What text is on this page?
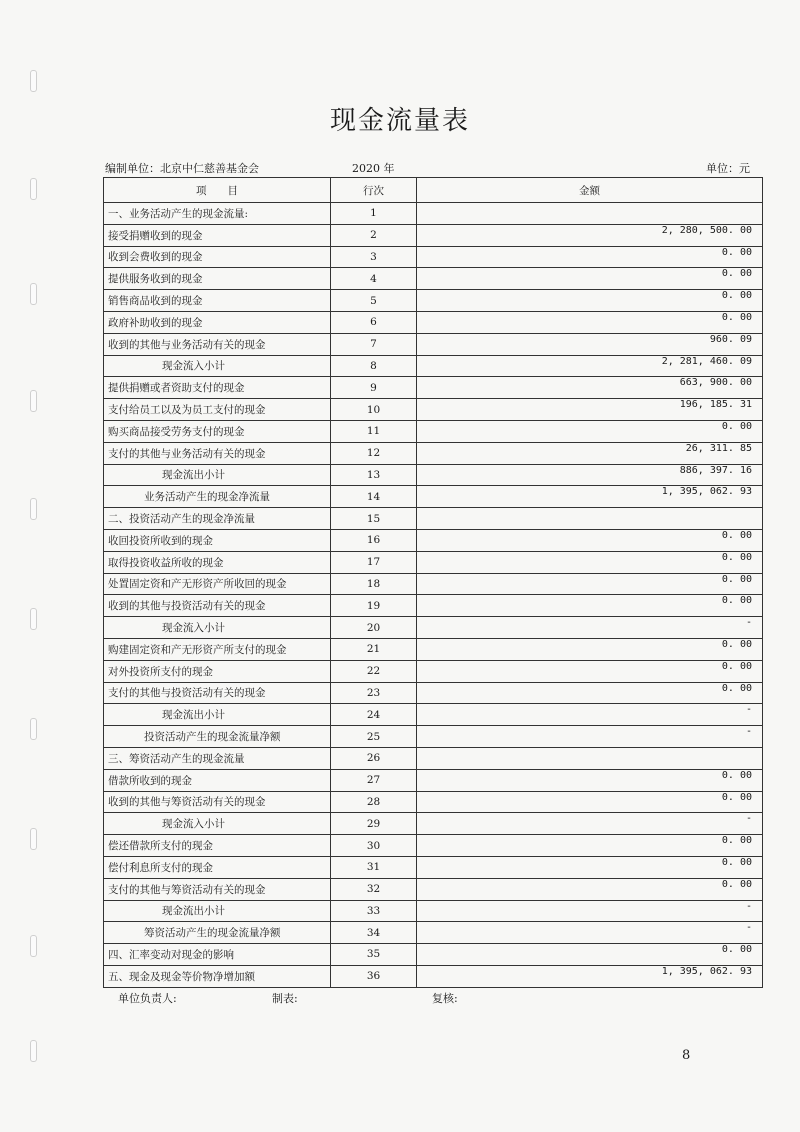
现金流量表
编制单位：北京中仁慈善基金会	2020 年	单位：元
项　　目	行次	金额
一、业务活动产生的现金流量:	1	
接受捐赠收到的现金	2	2, 280, 500. 00
收到会费收到的现金	3	0. 00
提供服务收到的现金	4	0. 00
销售商品收到的现金	5	0. 00
政府补助收到的现金	6	0. 00
收到的其他与业务活动有关的现金	7	960. 09
现金流入小计	8	2, 281, 460. 09
提供捐赠或者资助支付的现金	9	663, 900. 00
支付给员工以及为员工支付的现金	10	196, 185. 31
购买商品接受劳务支付的现金	11	0. 00
支付的其他与业务活动有关的现金	12	26, 311. 85
现金流出小计	13	886, 397. 16
业务活动产生的现金净流量	14	1, 395, 062. 93
二、投资活动产生的现金净流量	15	
收回投资所收到的现金	16	0. 00
取得投资收益所收的现金	17	0. 00
处置固定资和产无形资产所收回的现金	18	0. 00
收到的其他与投资活动有关的现金	19	0. 00
现金流入小计	20	-
购建固定资和产无形资产所支付的现金	21	0. 00
对外投资所支付的现金	22	0. 00
支付的其他与投资活动有关的现金	23	0. 00
现金流出小计	24	-
投资活动产生的现金流量净额	25	-
三、筹资活动产生的现金流量	26	
借款所收到的现金	27	0. 00
收到的其他与筹资活动有关的现金	28	0. 00
现金流入小计	29	-
偿还借款所支付的现金	30	0. 00
偿付利息所支付的现金	31	0. 00
支付的其他与筹资活动有关的现金	32	0. 00
现金流出小计	33	-
筹资活动产生的现金流量净额	34	-
四、汇率变动对现金的影响	35	0. 00
五、现金及现金等价物净增加额	36	1, 395, 062. 93
单位负责人:	制表:	复核:
8
